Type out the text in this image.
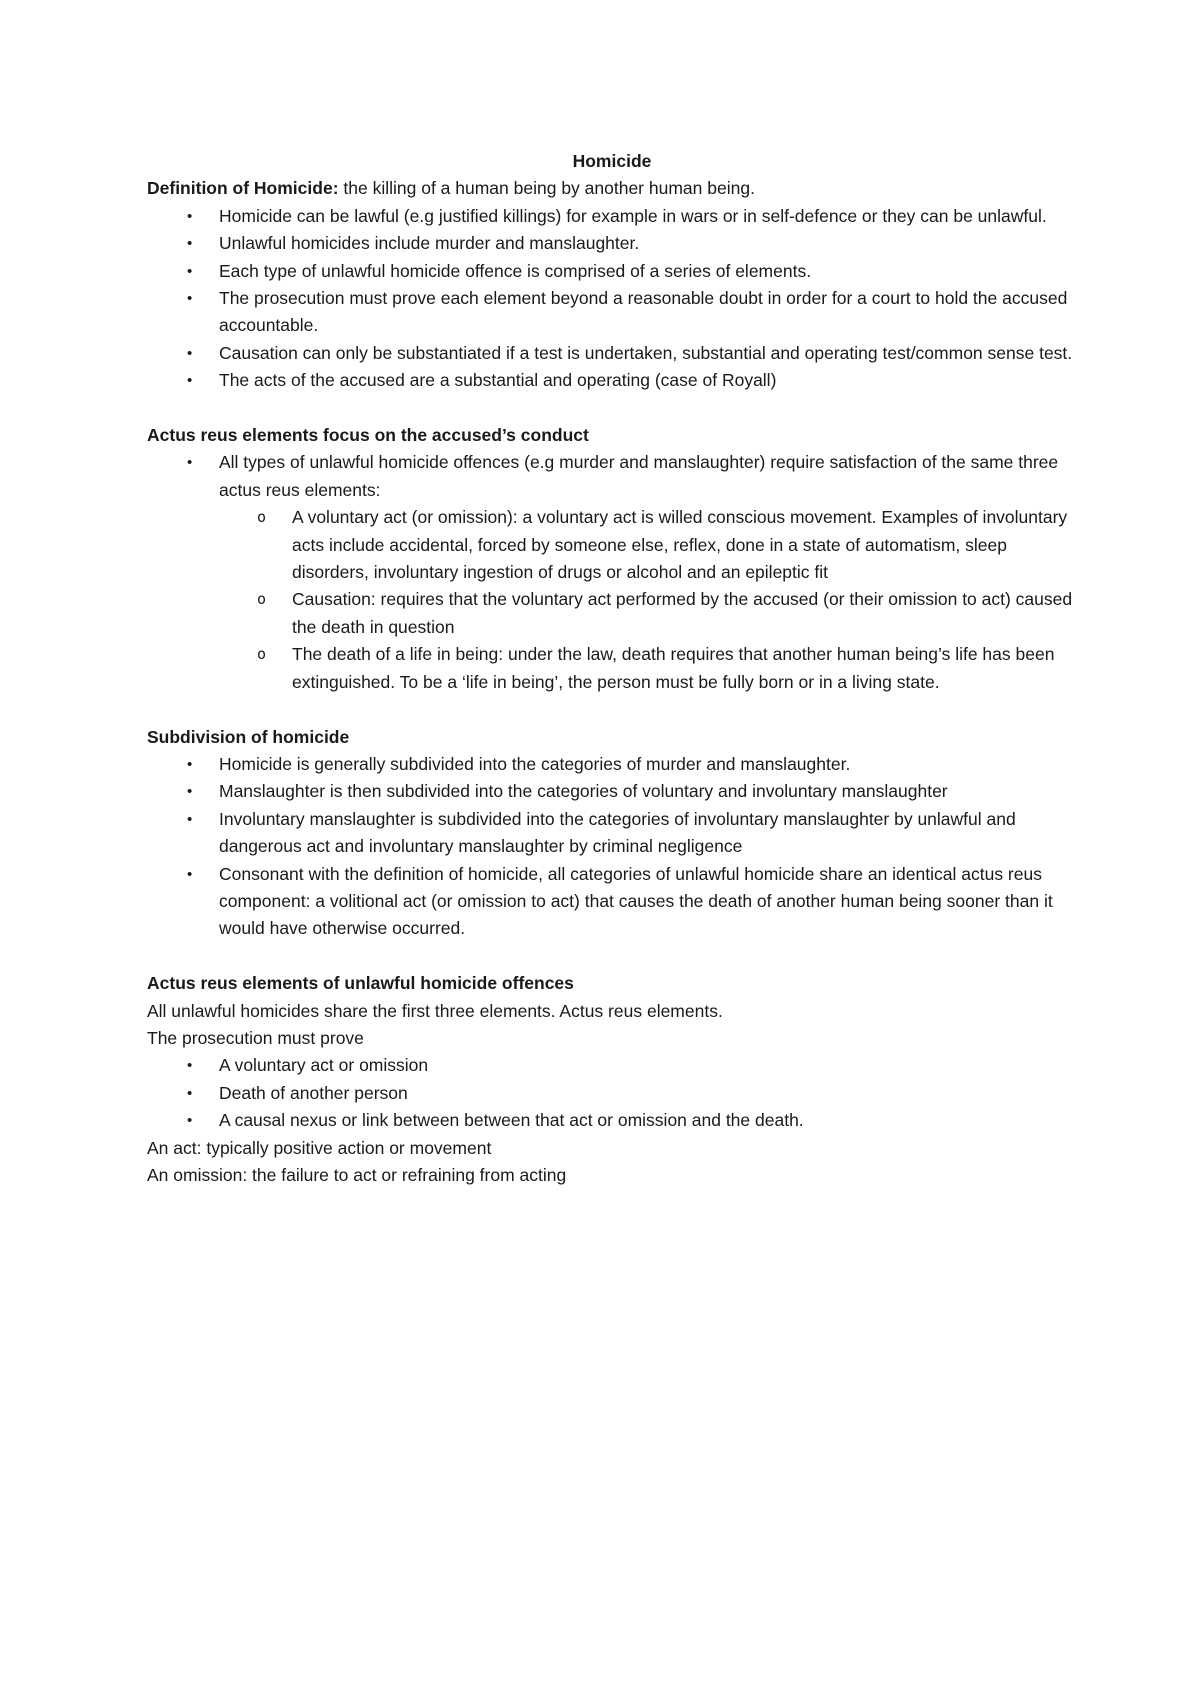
Homicide

Definition of Homicide: the killing of a human being by another human being.

• Homicide can be lawful (e.g justified killings) for example in wars or in self-defence or they can be unlawful.
• Unlawful homicides include murder and manslaughter.
• Each type of unlawful homicide offence is comprised of a series of elements.
• The prosecution must prove each element beyond a reasonable doubt in order for a court to hold the accused accountable.
• Causation can only be substantiated if a test is undertaken, substantial and operating test/common sense test.
• The acts of the accused are a substantial and operating (case of Royall)

Actus reus elements focus on the accused’s conduct

• All types of unlawful homicide offences (e.g murder and manslaughter) require satisfaction of the same three actus reus elements:
o A voluntary act (or omission): a voluntary act is willed conscious movement. Examples of involuntary acts include accidental, forced by someone else, reflex, done in a state of automatism, sleep disorders, involuntary ingestion of drugs or alcohol and an epileptic fit
o Causation: requires that the voluntary act performed by the accused (or their omission to act) caused the death in question
o The death of a life in being: under the law, death requires that another human being’s life has been extinguished. To be a ‘life in being’, the person must be fully born or in a living state.

Subdivision of homicide

• Homicide is generally subdivided into the categories of murder and manslaughter.
• Manslaughter is then subdivided into the categories of voluntary and involuntary manslaughter
• Involuntary manslaughter is subdivided into the categories of involuntary manslaughter by unlawful and dangerous act and involuntary manslaughter by criminal negligence
• Consonant with the definition of homicide, all categories of unlawful homicide share an identical actus reus component: a volitional act (or omission to act) that causes the death of another human being sooner than it would have otherwise occurred.

Actus reus elements of unlawful homicide offences

All unlawful homicides share the first three elements. Actus reus elements.

The prosecution must prove

• A voluntary act or omission
• Death of another person
• A causal nexus or link between between that act or omission and the death.

An act: typically positive action or movement

An omission: the failure to act or refraining from acting
